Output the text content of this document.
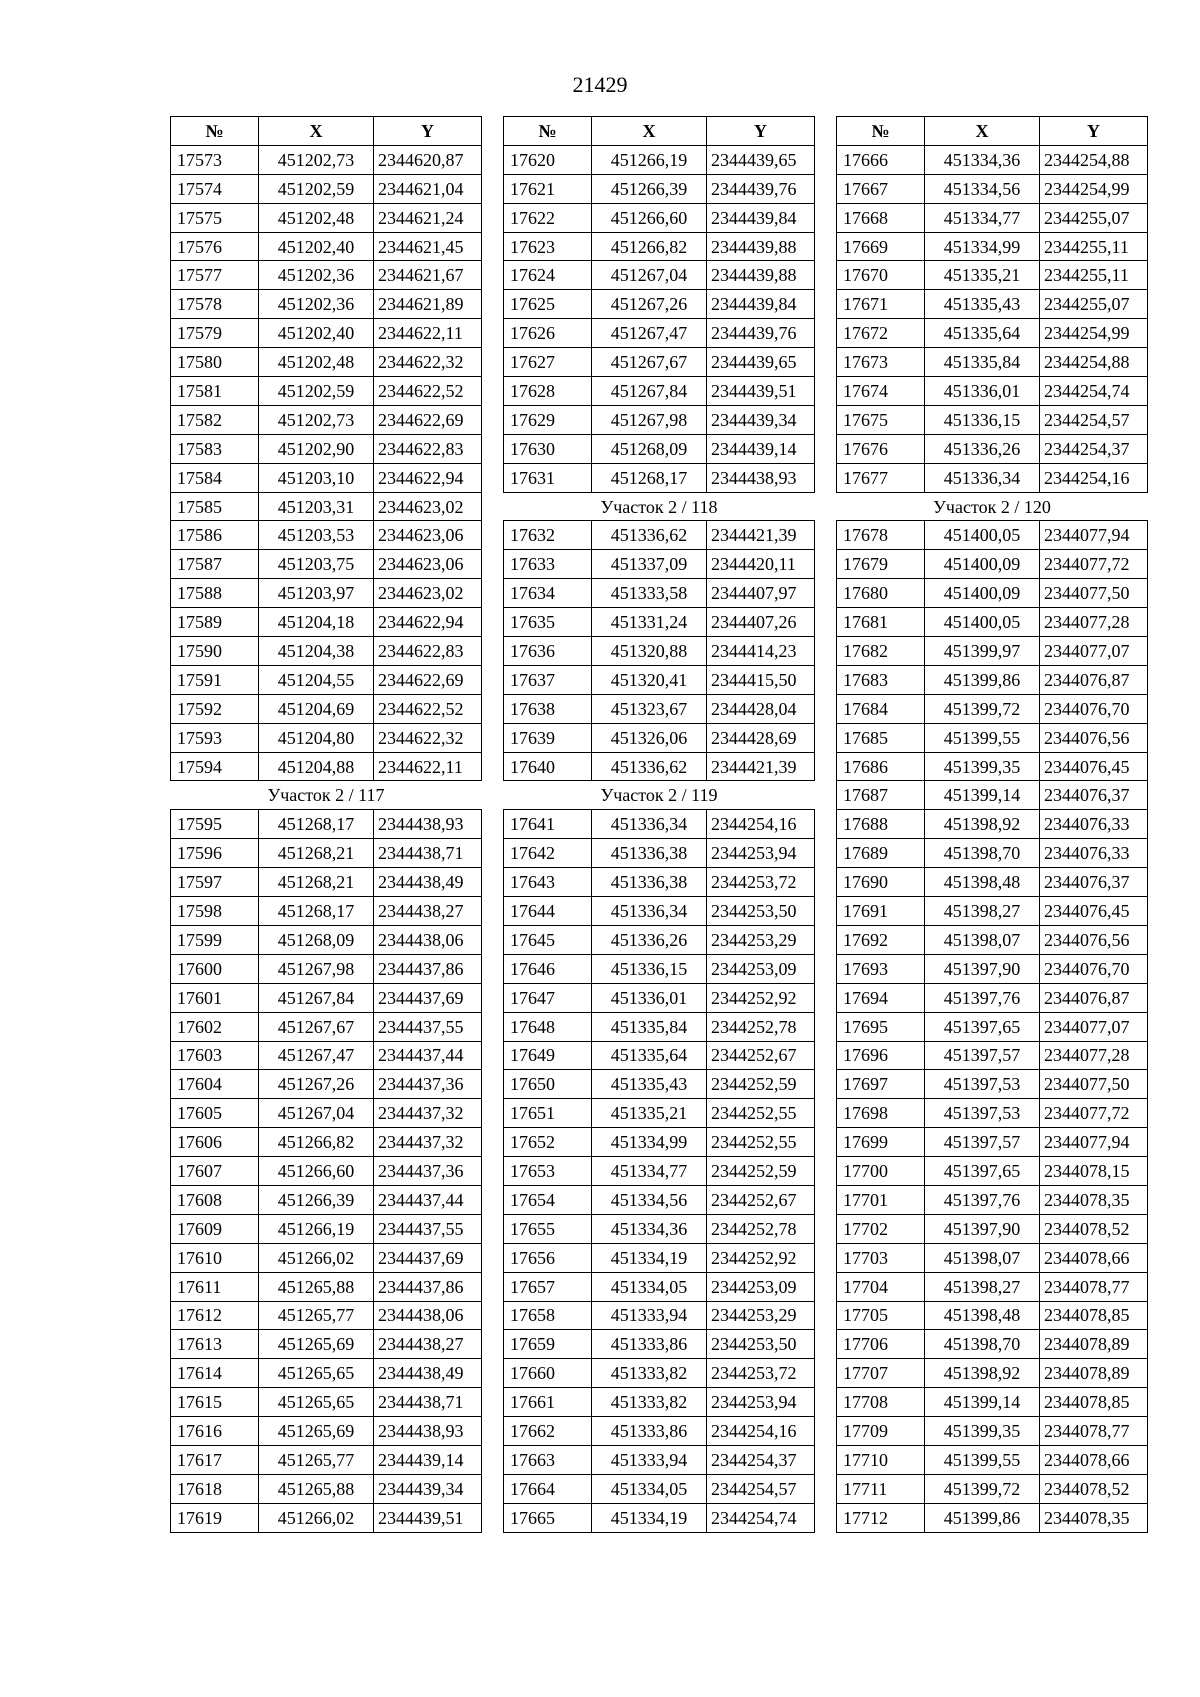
21429
№	X	Y
17573	451202,73	2344620,87
17574	451202,59	2344621,04
17575	451202,48	2344621,24
17576	451202,40	2344621,45
17577	451202,36	2344621,67
17578	451202,36	2344621,89
17579	451202,40	2344622,11
17580	451202,48	2344622,32
17581	451202,59	2344622,52
17582	451202,73	2344622,69
17583	451202,90	2344622,83
17584	451203,10	2344622,94
17585	451203,31	2344623,02
17586	451203,53	2344623,06
17587	451203,75	2344623,06
17588	451203,97	2344623,02
17589	451204,18	2344622,94
17590	451204,38	2344622,83
17591	451204,55	2344622,69
17592	451204,69	2344622,52
17593	451204,80	2344622,32
17594	451204,88	2344622,11
Участок 2 / 117		
17595	451268,17	2344438,93
17596	451268,21	2344438,71
17597	451268,21	2344438,49
17598	451268,17	2344438,27
17599	451268,09	2344438,06
17600	451267,98	2344437,86
17601	451267,84	2344437,69
17602	451267,67	2344437,55
17603	451267,47	2344437,44
17604	451267,26	2344437,36
17605	451267,04	2344437,32
17606	451266,82	2344437,32
17607	451266,60	2344437,36
17608	451266,39	2344437,44
17609	451266,19	2344437,55
17610	451266,02	2344437,69
17611	451265,88	2344437,86
17612	451265,77	2344438,06
17613	451265,69	2344438,27
17614	451265,65	2344438,49
17615	451265,65	2344438,71
17616	451265,69	2344438,93
17617	451265,77	2344439,14
17618	451265,88	2344439,34
17619	451266,02	2344439,51
№	X	Y
17620	451266,19	2344439,65
17621	451266,39	2344439,76
17622	451266,60	2344439,84
17623	451266,82	2344439,88
17624	451267,04	2344439,88
17625	451267,26	2344439,84
17626	451267,47	2344439,76
17627	451267,67	2344439,65
17628	451267,84	2344439,51
17629	451267,98	2344439,34
17630	451268,09	2344439,14
17631	451268,17	2344438,93
Участок 2 / 118		
17632	451336,62	2344421,39
17633	451337,09	2344420,11
17634	451333,58	2344407,97
17635	451331,24	2344407,26
17636	451320,88	2344414,23
17637	451320,41	2344415,50
17638	451323,67	2344428,04
17639	451326,06	2344428,69
17640	451336,62	2344421,39
Участок 2 / 119		
17641	451336,34	2344254,16
17642	451336,38	2344253,94
17643	451336,38	2344253,72
17644	451336,34	2344253,50
17645	451336,26	2344253,29
17646	451336,15	2344253,09
17647	451336,01	2344252,92
17648	451335,84	2344252,78
17649	451335,64	2344252,67
17650	451335,43	2344252,59
17651	451335,21	2344252,55
17652	451334,99	2344252,55
17653	451334,77	2344252,59
17654	451334,56	2344252,67
17655	451334,36	2344252,78
17656	451334,19	2344252,92
17657	451334,05	2344253,09
17658	451333,94	2344253,29
17659	451333,86	2344253,50
17660	451333,82	2344253,72
17661	451333,82	2344253,94
17662	451333,86	2344254,16
17663	451333,94	2344254,37
17664	451334,05	2344254,57
17665	451334,19	2344254,74
№	X	Y
17666	451334,36	2344254,88
17667	451334,56	2344254,99
17668	451334,77	2344255,07
17669	451334,99	2344255,11
17670	451335,21	2344255,11
17671	451335,43	2344255,07
17672	451335,64	2344254,99
17673	451335,84	2344254,88
17674	451336,01	2344254,74
17675	451336,15	2344254,57
17676	451336,26	2344254,37
17677	451336,34	2344254,16
Участок 2 / 120		
17678	451400,05	2344077,94
17679	451400,09	2344077,72
17680	451400,09	2344077,50
17681	451400,05	2344077,28
17682	451399,97	2344077,07
17683	451399,86	2344076,87
17684	451399,72	2344076,70
17685	451399,55	2344076,56
17686	451399,35	2344076,45
17687	451399,14	2344076,37
17688	451398,92	2344076,33
17689	451398,70	2344076,33
17690	451398,48	2344076,37
17691	451398,27	2344076,45
17692	451398,07	2344076,56
17693	451397,90	2344076,70
17694	451397,76	2344076,87
17695	451397,65	2344077,07
17696	451397,57	2344077,28
17697	451397,53	2344077,50
17698	451397,53	2344077,72
17699	451397,57	2344077,94
17700	451397,65	2344078,15
17701	451397,76	2344078,35
17702	451397,90	2344078,52
17703	451398,07	2344078,66
17704	451398,27	2344078,77
17705	451398,48	2344078,85
17706	451398,70	2344078,89
17707	451398,92	2344078,89
17708	451399,14	2344078,85
17709	451399,35	2344078,77
17710	451399,55	2344078,66
17711	451399,72	2344078,52
17712	451399,86	2344078,35
